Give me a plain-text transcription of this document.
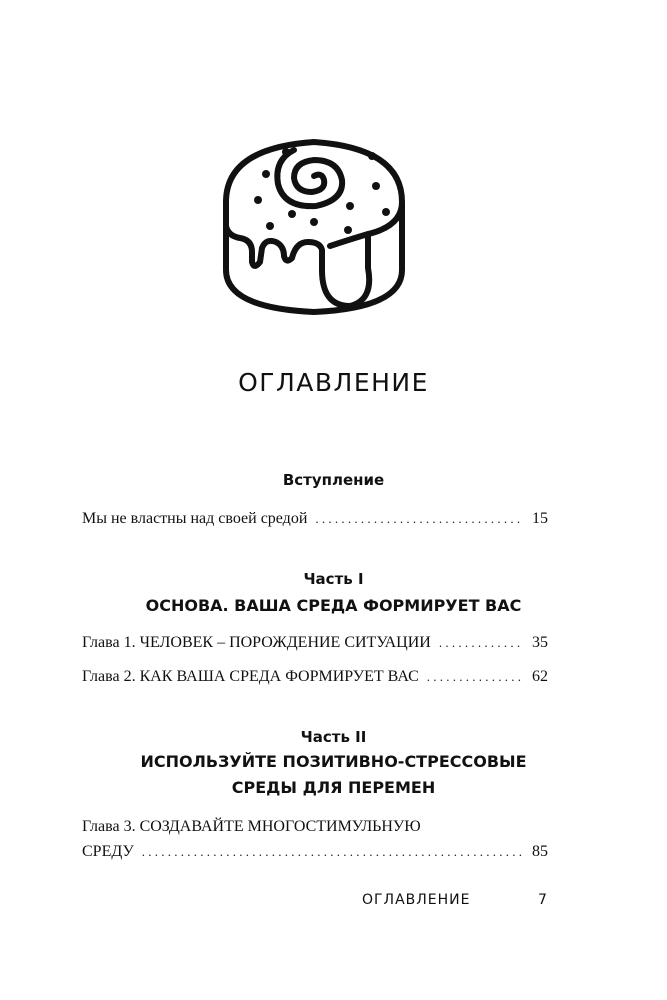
ОГЛАВЛЕНИЕ
Вступление
Мы не властны над своей средой . . .	15
Часть I
ОСНОВА. ВАША СРЕДА ФОРМИРУЕТ ВАС
Глава 1. ЧЕЛОВЕК – ПОРОЖДЕНИЕ СИТУАЦИИ . . .	35
Глава 2. КАК ВАША СРЕДА ФОРМИРУЕТ ВАС . . .	62
Часть II
ИСПОЛЬЗУЙТЕ ПОЗИТИВНО-СТРЕССОВЫЕ
СРЕДЫ ДЛЯ ПЕРЕМЕН
Глава 3. СОЗДАВАЙТЕ МНОГОСТИМУЛЬНУЮ
СРЕДУ . . .	85
ОГЛАВЛЕНИЕ	7
